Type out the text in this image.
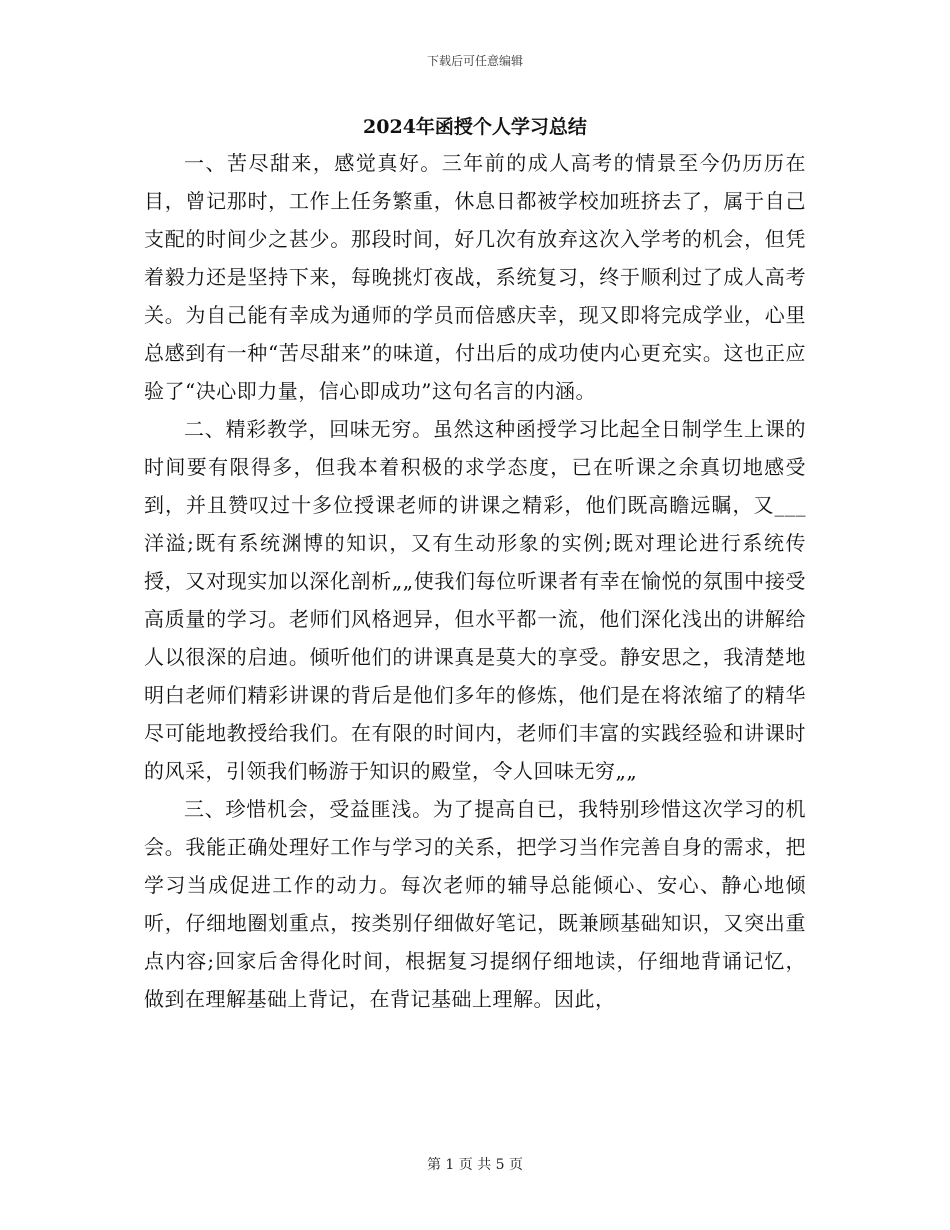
下载后可任意编辑
2024年函授个人学习总结

一、苦尽甜来，感觉真好。三年前的成人高考的情景至今仍历历在目，曾记那时，工作上任务繁重，休息日都被学校加班挤去了，属于自己支配的时间少之甚少。那段时间，好几次有放弃这次入学考的机会，但凭着毅力还是坚持下来，每晚挑灯夜战，系统复习，终于顺利过了成人高考关。为自己能有幸成为通师的学员而倍感庆幸，现又即将完成学业，心里总感到有一种“苦尽甜来”的味道，付出后的成功使内心更充实。这也正应验了“决心即力量，信心即成功”这句名言的内涵。

二、精彩教学，回味无穷。虽然这种函授学习比起全日制学生上课的时间要有限得多，但我本着积极的求学态度，已在听课之余真切地感受到，并且赞叹过十多位授课老师的讲课之精彩，他们既高瞻远瞩，又___洋溢;既有系统渊博的知识，又有生动形象的实例;既对理论进行系统传授，又对现实加以深化剖析„„使我们每位听课者有幸在愉悦的氛围中接受高质量的学习。老师们风格迥异，但水平都一流，他们深化浅出的讲解给人以很深的启迪。倾听他们的讲课真是莫大的享受。静安思之，我清楚地明白老师们精彩讲课的背后是他们多年的修炼，他们是在将浓缩了的精华尽可能地教授给我们。在有限的时间内，老师们丰富的实践经验和讲课时的风采，引领我们畅游于知识的殿堂，令人回味无穷„„

三、珍惜机会，受益匪浅。为了提高自已，我特别珍惜这次学习的机会。我能正确处理好工作与学习的关系，把学习当作完善自身的需求，把学习当成促进工作的动力。每次老师的辅导总能倾心、安心、静心地倾听，仔细地圈划重点，按类别仔细做好笔记，既兼顾基础知识，又突出重点内容;回家后舍得化时间，根据复习提纲仔细地读，仔细地背诵记忆，做到在理解基础上背记，在背记基础上理解。因此，

第 1 页 共 5 页
